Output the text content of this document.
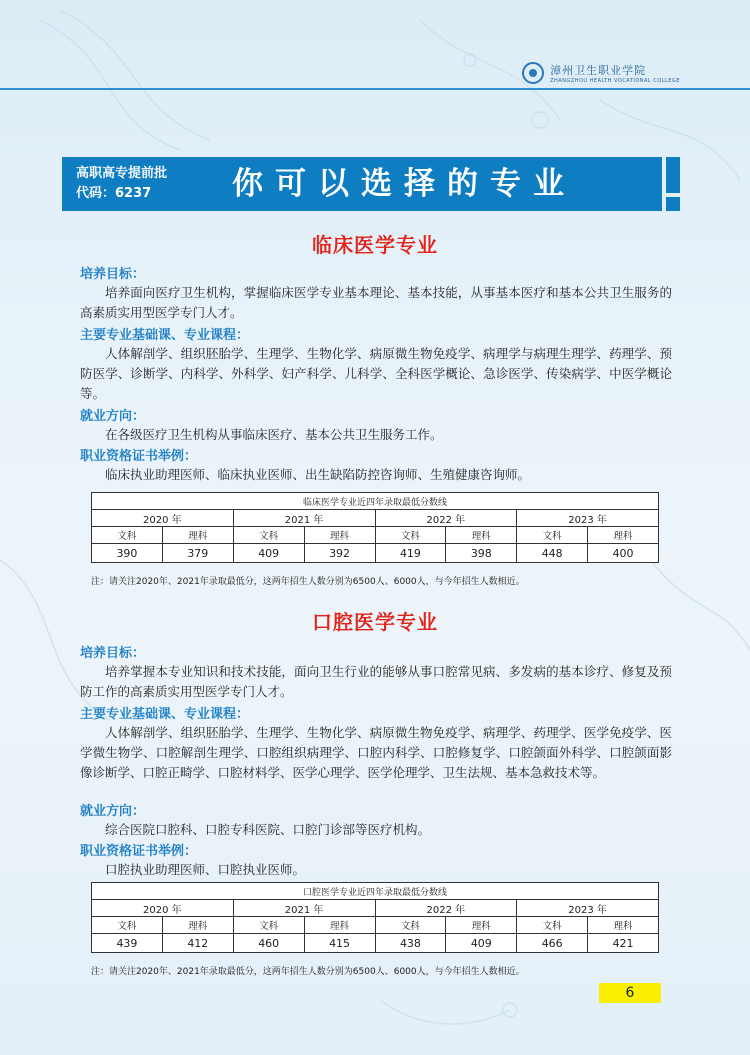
漳州卫生职业学院
ZHANGZHOU HEALTH VOCATIONAL COLLEGE
高职高专提前批
代码：6237	你可以选择的专业
临床医学专业
培养目标：
培养面向医疗卫生机构，掌握临床医学专业基本理论、基本技能，从事基本医疗和基本公共卫生服务的高素质实用型医学专门人才。
主要专业基础课、专业课程：
人体解剖学、组织胚胎学、生理学、生物化学、病原微生物免疫学、病理学与病理生理学、药理学、预防医学、诊断学、内科学、外科学、妇产科学、儿科学、全科医学概论、急诊医学、传染病学、中医学概论等。
就业方向：
在各级医疗卫生机构从事临床医疗、基本公共卫生服务工作。
职业资格证书举例：
临床执业助理医师、临床执业医师、出生缺陷防控咨询师、生殖健康咨询师。
临床医学专业近四年录取最低分数线							
2020 年		2021 年		2022 年		2023 年	
文科	理科	文科	理科	文科	理科	文科	理科
390	379	409	392	419	398	448	400
注：请关注2020年、2021年录取最低分，这两年招生人数分别为6500人、6000人，与今年招生人数相近。
口腔医学专业
培养目标：
培养掌握本专业知识和技术技能，面向卫生行业的能够从事口腔常见病、多发病的基本诊疗、修复及预防工作的高素质实用型医学专门人才。
主要专业基础课、专业课程：
人体解剖学、组织胚胎学、生理学、生物化学、病原微生物免疫学、病理学、药理学、医学免疫学、医学微生物学、口腔解剖生理学、口腔组织病理学、口腔内科学、口腔修复学、口腔颌面外科学、口腔颌面影像诊断学、口腔正畸学、口腔材料学、医学心理学、医学伦理学、卫生法规、基本急救技术等。
就业方向：
综合医院口腔科、口腔专科医院、口腔门诊部等医疗机构。
职业资格证书举例：
口腔执业助理医师、口腔执业医师。
口腔医学专业近四年录取最低分数线							
2020 年		2021 年		2022 年		2023 年	
文科	理科	文科	理科	文科	理科	文科	理科
439	412	460	415	438	409	466	421
注：请关注2020年、2021年录取最低分，这两年招生人数分别为6500人、6000人，与今年招生人数相近。
6
